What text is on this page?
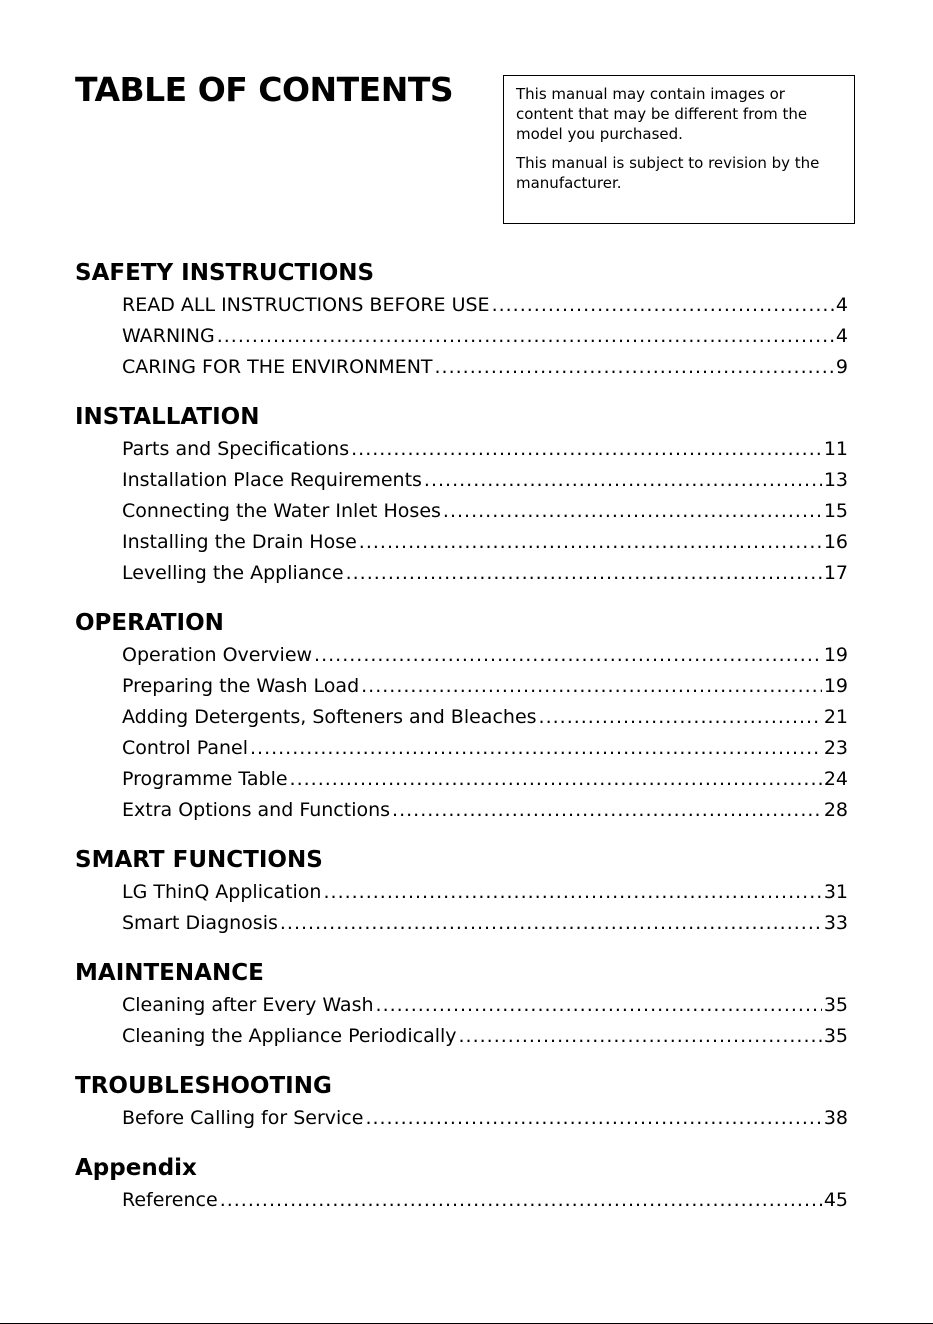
TABLE OF CONTENTS	This manual may contain images or content that may be different from the model you purchased.

This manual is subject to revision by the manufacturer.

SAFETY INSTRUCTIONS
READ ALL INSTRUCTIONS BEFORE USE .....	4
WARNING .....	4
CARING FOR THE ENVIRONMENT .....	9
INSTALLATION
Parts and Specifications .....	11
Installation Place Requirements .....	13
Connecting the Water Inlet Hoses .....	15
Installing the Drain Hose .....	16
Levelling the Appliance .....	17
OPERATION
Operation Overview .....	19
Preparing the Wash Load .....	19
Adding Detergents, Softeners and Bleaches .....	21
Control Panel .....	23
Programme Table .....	24
Extra Options and Functions .....	28
SMART FUNCTIONS
LG ThinQ Application .....	31
Smart Diagnosis .....	33
MAINTENANCE
Cleaning after Every Wash .....	35
Cleaning the Appliance Periodically .....	35
TROUBLESHOOTING
Before Calling for Service .....	38
Appendix
Reference .....	45
